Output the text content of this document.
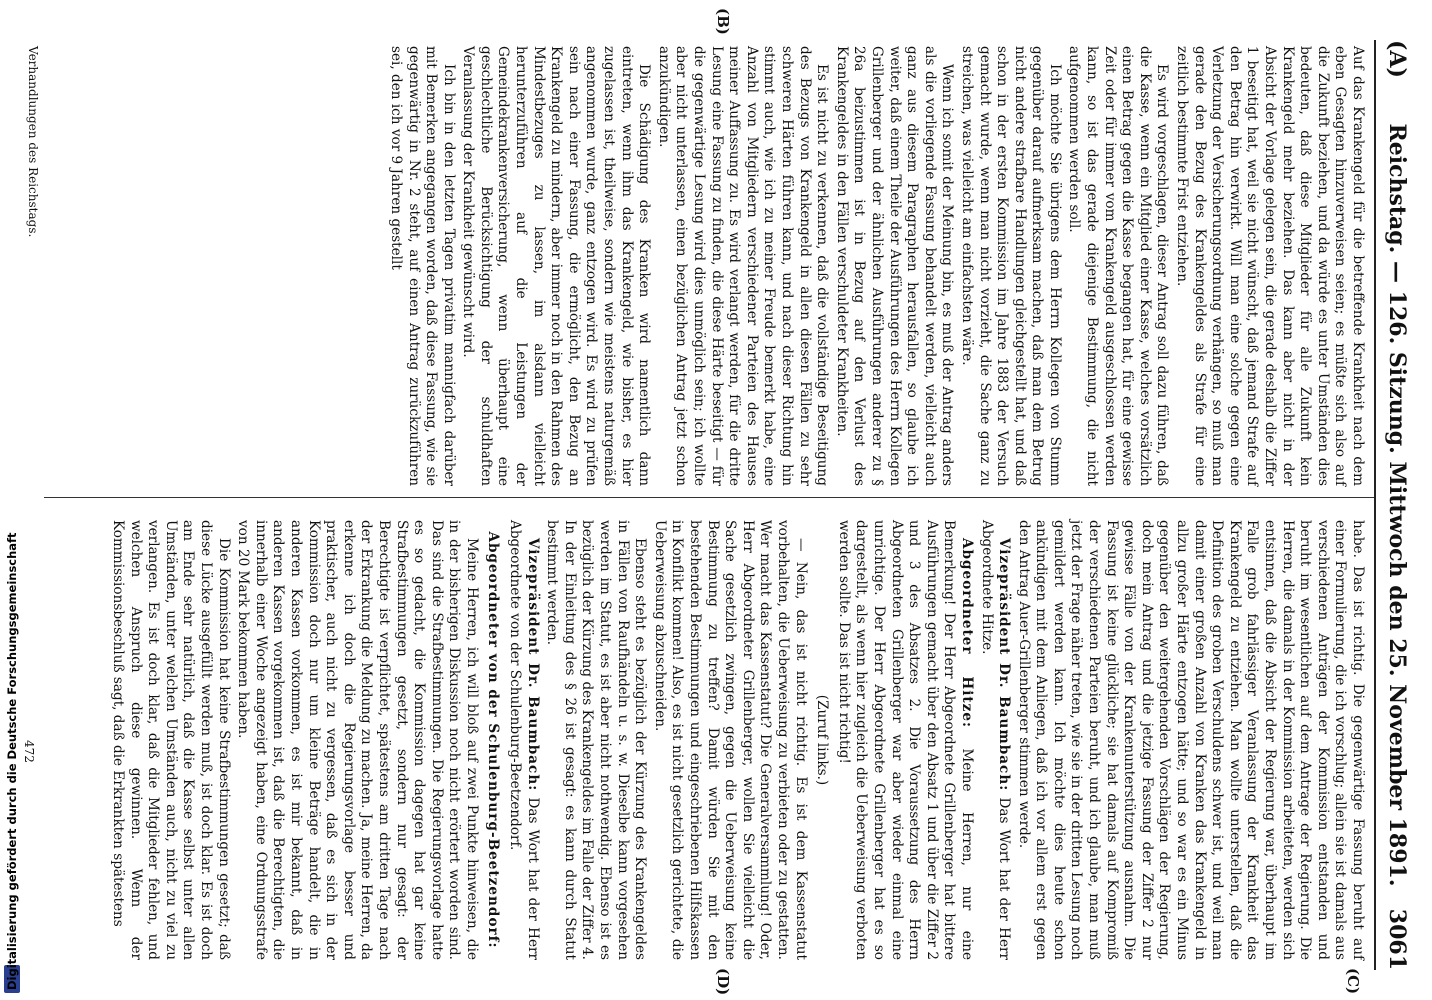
(A)
Reichstag. — 126. Sitzung. Mittwoch den 25. November 1891.
3061
(C)
(B)
(D)

Auf das Krankengeld für die betreffende Krankheit nach dem eben Gesagten hinzuverweisen seien; es müßte sich also auf die Zukunft beziehen, und da würde es unter Umständen dies bedeuten, daß diese Mitglieder für alle Zukunft kein Krankengeld mehr beziehen. Das kann aber nicht in der Absicht der Vorlage gelegen sein, die gerade deshalb die Ziffer 1 beseitigt hat, weil sie nicht wünscht, daß jemand Strafe auf den Betrag hin verwirkt. Will man eine solche gegen eine Verletzung der Versicherungsordnung verhängen, so muß man gerade den Bezug des Krankengeldes als Strafe für eine zeitlich bestimmte Frist entziehen.

Es wird vorgeschlagen, dieser Antrag soll dazu führen, daß die Kasse, wenn ein Mitglied einer Kasse, welches vorsätzlich einen Betrag gegen die Kasse begangen hat, für eine gewisse Zeit oder für immer vom Krankengeld ausgeschlossen werden kann, so ist das gerade diejenige Bestimmung, die nicht aufgenommen werden soll.

Ich möchte Sie übrigens dem Herrn Kollegen von Stumm gegenüber darauf aufmerksam machen, daß man dem Betrug nicht andere strafbare Handlungen gleichgestellt hat, und daß schon in der ersten Kommission im Jahre 1883 der Versuch gemacht wurde, wenn man nicht vorzieht, die Sache ganz zu streichen, was vielleicht am einfachsten wäre.

Wenn ich somit der Meinung bin, es muß der Antrag anders als die vorliegende Fassung behandelt werden, vielleicht auch ganz aus diesem Paragraphen herausfallen, so glaube ich weiter, daß einem Theile der Ausführungen des Herrn Kollegen Grillenberger und der ähnlichen Ausführungen anderer zu § 26a beizustimmen ist in Bezug auf den Verlust des Krankengeldes in den Fällen verschuldeter Krankheiten.

Es ist nicht zu verkennen, daß die vollständige Beseitigung des Bezugs von Krankengeld in allen diesen Fällen zu sehr schweren Härten führen kann, und nach dieser Richtung hin stimmt auch, wie ich zu meiner Freude bemerkt habe, eine Anzahl von Mitgliedern verschiedener Parteien des Hauses meiner Auffassung zu. Es wird verlangt werden, für die dritte Lesung eine Fassung zu finden, die diese Härte beseitigt — für die gegenwärtige Lesung wird dies unmöglich sein; ich wollte aber nicht unterlassen, einen bezüglichen Antrag jetzt schon anzukündigen.

Die Schädigung des Kranken wird namentlich dann eintreten, wenn ihm das Krankengeld, wie bisher, es hier zugelassen ist, theilweise, sondern wie meistens naturgemäß angenommen wurde, ganz entzogen wird. Es wird zu prüfen sein nach einer Fassung, die ermöglicht, den Bezug an Krankengeld zu mindern, aber immer noch in den Rahmen des Mindestbezuges zu lassen, im alsdann vielleicht herunterzuführen auf die Leistungen der Gemeindekrankenversicherung, wenn überhaupt eine geschlechtliche Berücksichtigung der schuldhaften Veranlassung der Krankheit gewünscht wird.

Ich bin in den letzten Tagen privatim mannigfach darüber mit Bemerken angegangen worden, daß diese Fassung, wie sie gegenwärtig in Nr. 2 steht, auf einen Antrag zurückzuführen sei, den ich vor 9 Jahren gestellt

habe. Das ist richtig. Die gegenwärtige Fassung beruht auf einer Formulierung, die ich vorschlug; allein sie ist damals aus verschiedenen Anträgen der Kommission entstanden und beruht im wesentlichen auf dem Antrage der Regierung. Die Herren, die damals in der Kommission arbeiteten, werden sich entsinnen, daß die Absicht der Regierung war, überhaupt im Falle grob fahrlässiger Veranlassung der Krankheit das Krankengeld zu entziehen. Man wollte unterstellen, daß die Definition des groben Verschuldens schwer ist, und weil man damit einer großen Anzahl von Kranken das Krankengeld in allzu großer Härte entzogen hätte; und so war es ein Minus gegenüber den weitergehenden Vorschlägen der Regierung, doch mein Antrag und die jetzige Fassung der Ziffer 2 nur gewisse Fälle von der Krankenunterstützung ausnahm. Die Fassung ist keine glückliche; sie hat damals auf Kompromiß der verschiedenen Parteien beruht, und ich glaube, man muß jetzt der Frage näher treten, wie sie in der dritten Lesung noch gemildert werden kann. Ich möchte dies heute schon ankündigen mit dem Anliegen, daß ich vor allem erst gegen den Antrag Auer-Grillenberger stimmen werde.

Vizepräsident Dr. Baumbach: Das Wort hat der Herr Abgeordnete Hitze.

Abgeordneter Hitze: Meine Herren, nur eine Bemerkung! Der Herr Abgeordnete Grillenberger hat bittere Ausführungen gemacht über den Absatz 1 und über die Ziffer 2 und 3 des Absatzes 2. Die Voraussetzung des Herrn Abgeordneten Grillenberger war aber wieder einmal eine unrichtige. Der Herr Abgeordnete Grillenberger hat es so dargestellt, als wenn hier zugleich die Ueberweisung verboten werden sollte. Das ist nicht richtig!

(Zuruf links.)

— Nein, das ist nicht richtig. Es ist dem Kassenstatut vorbehalten, die Ueberweisung zu verbieten oder zu gestatten. Wer macht das Kassenstatut? Die Generalversammlung! Oder, Herr Abgeordneter Grillenberger, wollen Sie vielleicht die Sache gesetzlich zwingen, gegen die Ueberweisung keine Bestimmung zu treffen? Damit würden Sie mit den bestehenden Bestimmungen und eingeschriebenen Hilfskassen in Konflikt kommen! Also, es ist nicht gesetzlich gerichtete, die Ueberweisung abzuschneiden.

Ebenso steht es bezüglich der Kürzung des Krankengeldes in Fällen von Raufhändeln u. s. w. Dieselbe kann vorgesehen werden im Statut, es ist aber nicht nothwendig. Ebenso ist es bezüglich der Kürzung des Krankengeldes im Falle der Ziffer 4. In der Einleitung des § 26 ist gesagt: es kann durch Statut bestimmt werden.

Vizepräsident Dr. Baumbach: Das Wort hat der Herr Abgeordnete von der Schulenburg-Beetzendorf.

Abgeordneter von der Schulenburg-Beetzendorf:

Meine Herren, ich will bloß auf zwei Punkte hinweisen, die in der bisherigen Diskussion noch nicht erörtert worden sind. Das sind die Strafbestimmungen. Die Regierungsvorlage hatte es so gedacht, die Kommission dagegen hat gar keine Strafbestimmungen gesetzt, sondern nur gesagt: der Berechtigte ist verpflichtet, spätestens am dritten Tage nach der Erkrankung die Meldung zu machen. Ja, meine Herren, da erkenne ich doch die Regierungsvorlage besser und praktischer, auch nicht zu vergessen, daß es sich in der Kommission doch nur um kleine Beträge handelt, die in anderen Kassen vorkommen, es ist mir bekannt, daß in anderen Kassen vorgekommen ist, daß die Berechtigten, die innerhalb einer Woche angezeigt haben, eine Ordnungsstrafe von 20 Mark bekommen haben.

Die Kommission hat keine Strafbestimmungen gesetzt; daß diese Lücke ausgefüllt werden muß, ist doch klar. Es ist doch am Ende sehr natürlich, daß die Kasse selbst unter allen Umständen, unter welchen Umständen auch, nicht zu viel zu verlangen. Es ist doch klar, daß die Mitglieder fehlen, und welchen Anspruch diese gewinnen. Wenn der Kommissionsbeschluß sagt, daß die Erkrankten spätestens

Verhandlungen des Reichstags.
472
Digitalisierung gefördert durch die Deutsche Forschungsgemeinschaft
